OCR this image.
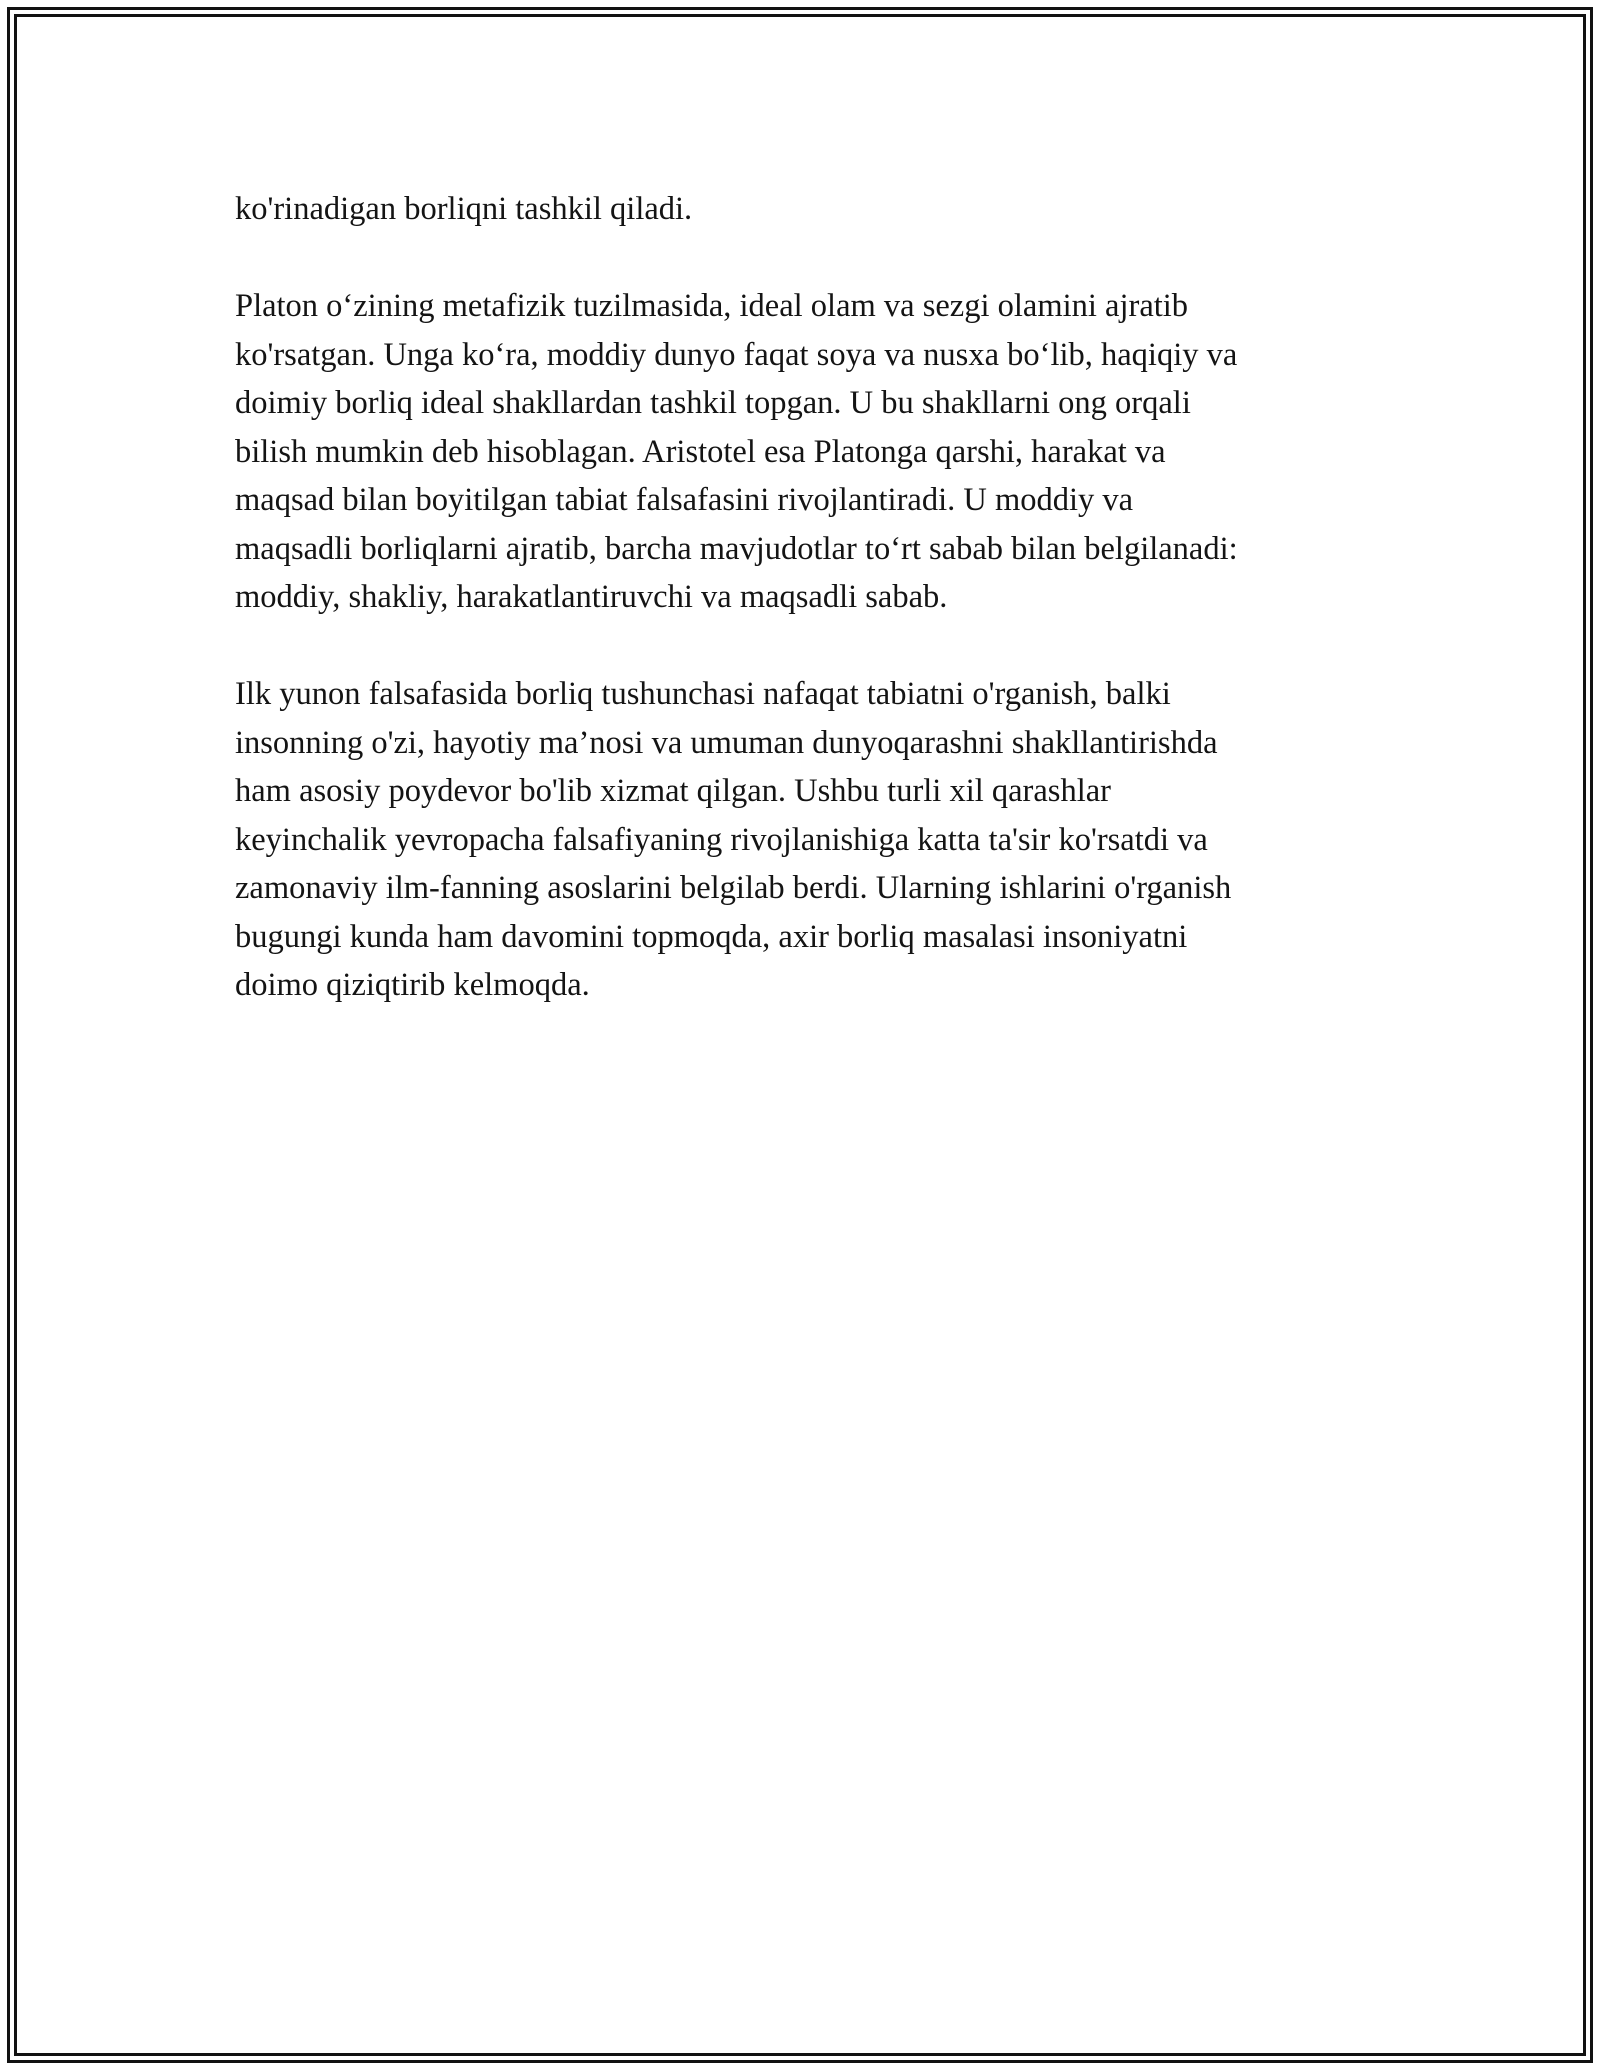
ko'rinadigan borliqni tashkil qiladi.

Platon o‘zining metafizik tuzilmasida, ideal olam va sezgi olamini ajratib
ko'rsatgan. Unga ko‘ra, moddiy dunyo faqat soya va nusxa bo‘lib, haqiqiy va
doimiy borliq ideal shakllardan tashkil topgan. U bu shakllarni ong orqali
bilish mumkin deb hisoblagan. Aristotel esa Platonga qarshi, harakat va
maqsad bilan boyitilgan tabiat falsafasini rivojlantiradi. U moddiy va
maqsadli borliqlarni ajratib, barcha mavjudotlar to‘rt sabab bilan belgilanadi:
moddiy, shakliy, harakatlantiruvchi va maqsadli sabab.

Ilk yunon falsafasida borliq tushunchasi nafaqat tabiatni o'rganish, balki
insonning o'zi, hayotiy ma’nosi va umuman dunyoqarashni shakllantirishda
ham asosiy poydevor bo'lib xizmat qilgan. Ushbu turli xil qarashlar
keyinchalik yevropacha falsafiyaning rivojlanishiga katta ta'sir ko'rsatdi va
zamonaviy ilm-fanning asoslarini belgilab berdi. Ularning ishlarini o'rganish
bugungi kunda ham davomini topmoqda, axir borliq masalasi insoniyatni
doimo qiziqtirib kelmoqda.
